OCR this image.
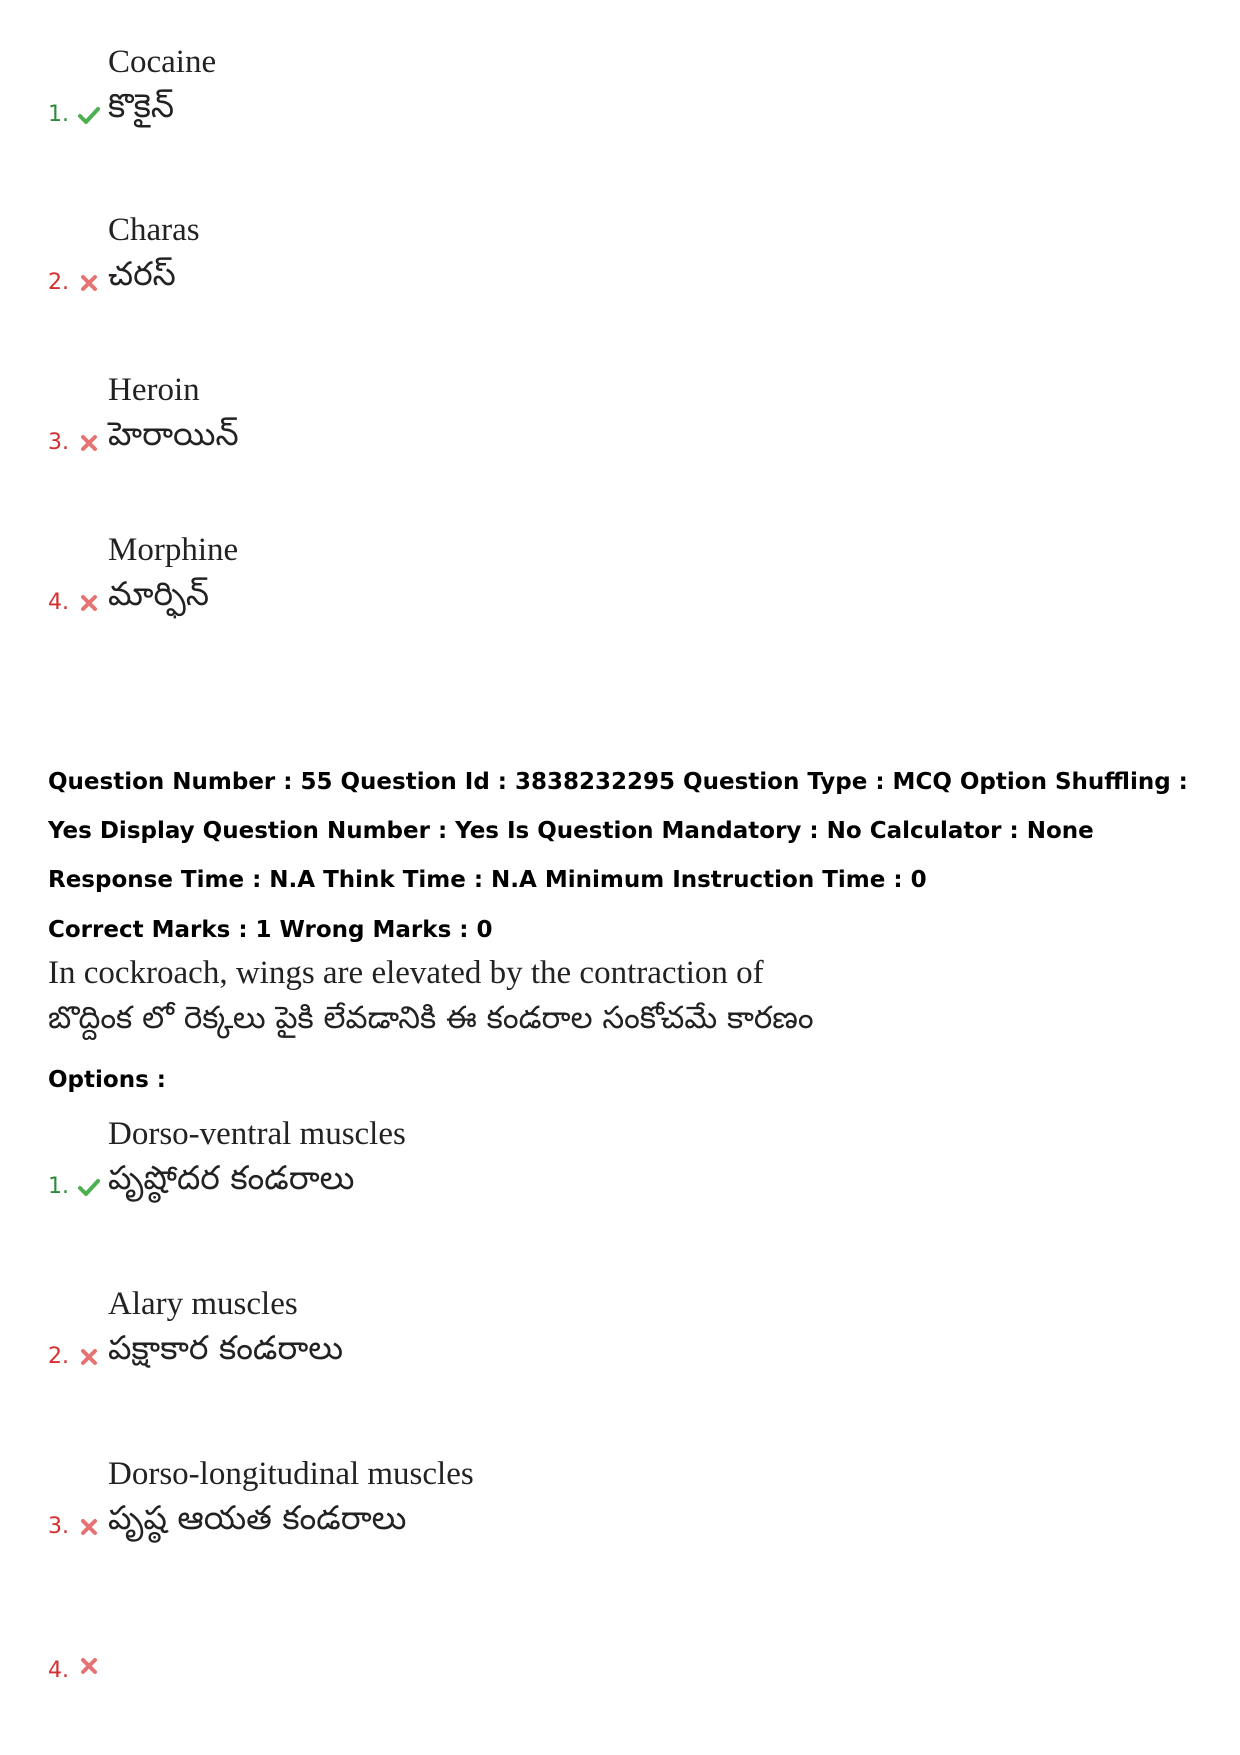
Cocaine
కొకైన్
1.
Charas
చరస్
2.
Heroin
హెరాయిన్
3.
Morphine
మార్ఫిన్
4.

Question Number : 55 Question Id : 3838232295 Question Type : MCQ Option Shuffling : Yes Display Question Number : Yes Is Question Mandatory : No Calculator : None Response Time : N.A Think Time : N.A Minimum Instruction Time : 0

Correct Marks : 1 Wrong Marks : 0

In cockroach, wings are elevated by the contraction of
బొద్దింక లో రెక్కలు పైకి లేవడానికి ఈ కండరాల సంకోచమే కారణం

Options :

Dorso-ventral muscles
పృష్ఠోదర కండరాలు
1.
Alary muscles
పక్షాకార కండరాలు
2.
Dorso-longitudinal muscles
పృష్ఠ ఆయత కండరాలు
3.
4.
